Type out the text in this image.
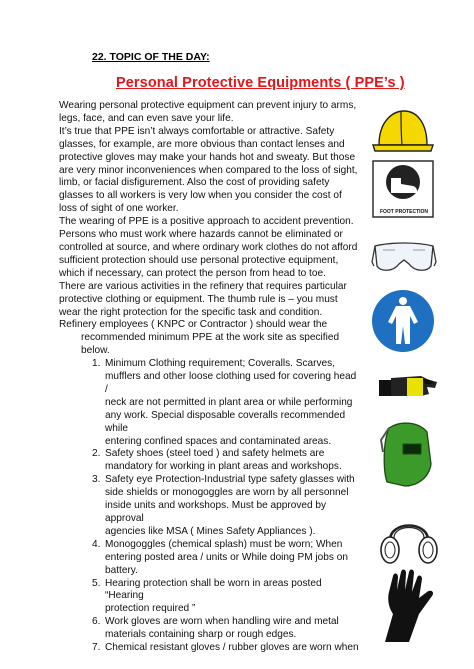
22. TOPIC OF THE DAY:
Personal Protective Equipments ( PPE’s )

Wearing personal protective equipment can prevent injury to arms, legs, face, and can even save your life.

It’s true that PPE isn’t always comfortable or attractive. Safety glasses, for example, are more obvious than contact lenses and protective gloves may make your hands hot and sweaty. But those are very minor inconveniences when compared to the loss of sight, limb, or facial disfigurement. Also the cost of providing safety glasses to all workers is very low when you consider the cost of loss of sight of one worker.

The wearing of PPE is a positive approach to accident prevention. Persons who must work where hazards cannot be eliminated or controlled at source, and where ordinary work clothes do not afford sufficient protection should use personal protective equipment, which if necessary, can protect the person from head to toe.

There are various activities in the refinery that requires particular protective clothing or equipment. The thumb rule is – you must wear the right protection for the specific task and condition. Refinery employees ( KNPC or Contractor ) should wear the

recommended minimum PPE at the work site as specified below.

1. Minimum Clothing requirement; Coveralls. Scarves,
mufflers and other loose clothing used for covering head /
neck are not permitted in plant area or while performing
any work. Special disposable coveralls recommended while
entering confined spaces and contaminated areas.
2. Safety shoes (steel toed ) and safety helmets are
mandatory for working in plant areas and workshops.
3. Safety eye Protection-Industrial type safety glasses with
side shields or monogoggles are worn by all personnel
inside units and workshops. Must be approved by approval
agencies like MSA ( Mines Safety Appliances ).
4. Monogoggles (chemical splash) must be worn; When
entering posted area / units or While doing PM jobs on
battery.
5. Hearing protection shall be worn in areas posted “Hearing
protection required ”
6. Work gloves are worn when handling wire and metal
materials containing sharp or rough edges.
7. Chemical resistant gloves / rubber gloves are worn when
FOOT PROTECTION
